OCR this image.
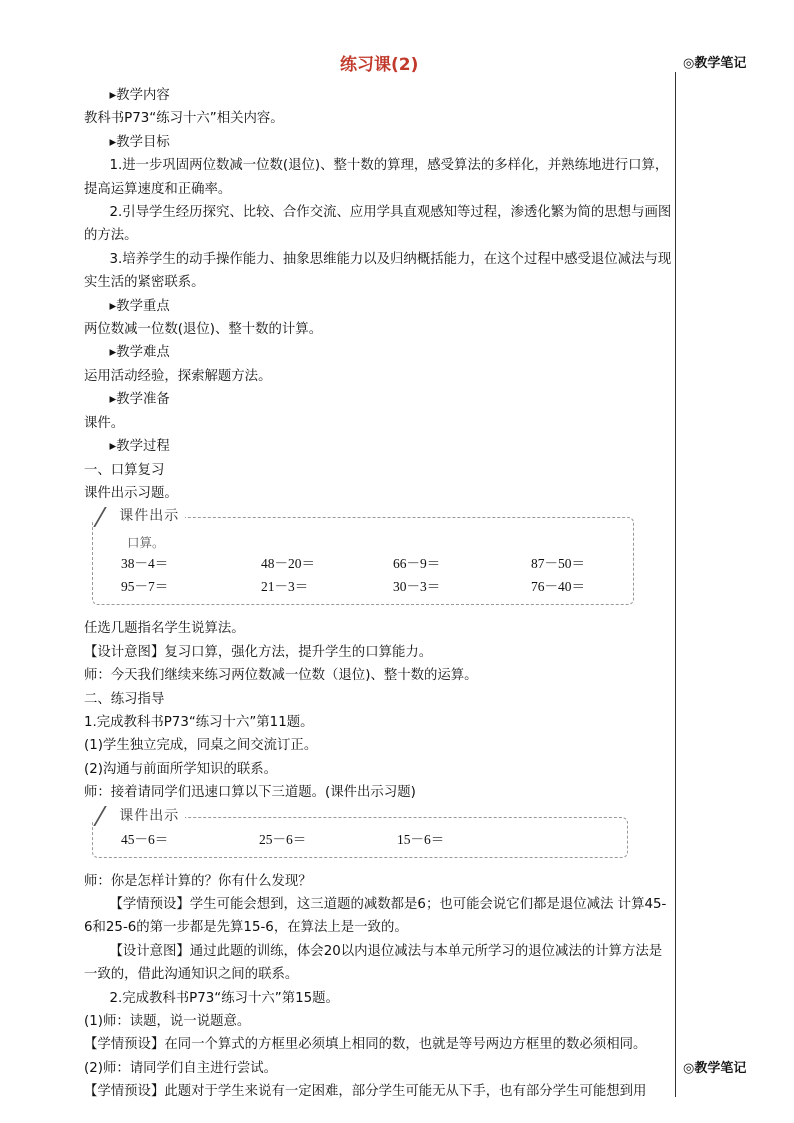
练习课(2)	◎教学笔记
◎教学笔记

▸教学内容

教科书P73“练习十六”相关内容。

▸教学目标

1.进一步巩固两位数减一位数(退位)、整十数的算理，感受算法的多样化，并熟练地进行口算，提高运算速度和正确率。

2.引导学生经历探究、比较、合作交流、应用学具直观感知等过程，渗透化繁为简的思想与画图的方法。

3.培养学生的动手操作能力、抽象思维能力以及归纳概括能力，在这个过程中感受退位减法与现实生活的紧密联系。

▸教学重点

两位数减一位数(退位)、整十数的计算。

▸教学难点

运用活动经验，探索解题方法。

▸教学准备

课件。

▸教学过程

一、口算复习

课件出示习题。

课件出示
口算。
38－4＝	48－20＝	66－9＝	87－50＝
95－7＝	21－3＝	30－3＝	76－40＝

任选几题指名学生说算法。

【设计意图】复习口算，强化方法，提升学生的口算能力。

师：今天我们继续来练习两位数减一位数（退位)、整十数的运算。

二、练习指导

1.完成教科书P73“练习十六”第11题。

(1)学生独立完成，同桌之间交流订正。

(2)沟通与前面所学知识的联系。

师：接着请同学们迅速口算以下三道题。(课件出示习题)

课件出示
45－6＝	25－6＝	15－6＝

师：你是怎样计算的？你有什么发现？

【学情预设】学生可能会想到，这三道题的减数都是6；也可能会说它们都是退位减法 计算45-6和25-6的第一步都是先算15-6，在算法上是一致的。

【设计意图】通过此题的训练，体会20以内退位减法与本单元所学习的退位减法的计算方法是一致的，借此沟通知识之间的联系。

2.完成教科书P73“练习十六”第15题。

(1)师：读题，说一说题意。

【学情预设】在同一个算式的方框里必须填上相同的数，也就是等号两边方框里的数必须相同。

(2)师：请同学们自主进行尝试。

【学情预设】此题对于学生来说有一定困难，部分学生可能无从下手，也有部分学生可能想到用
